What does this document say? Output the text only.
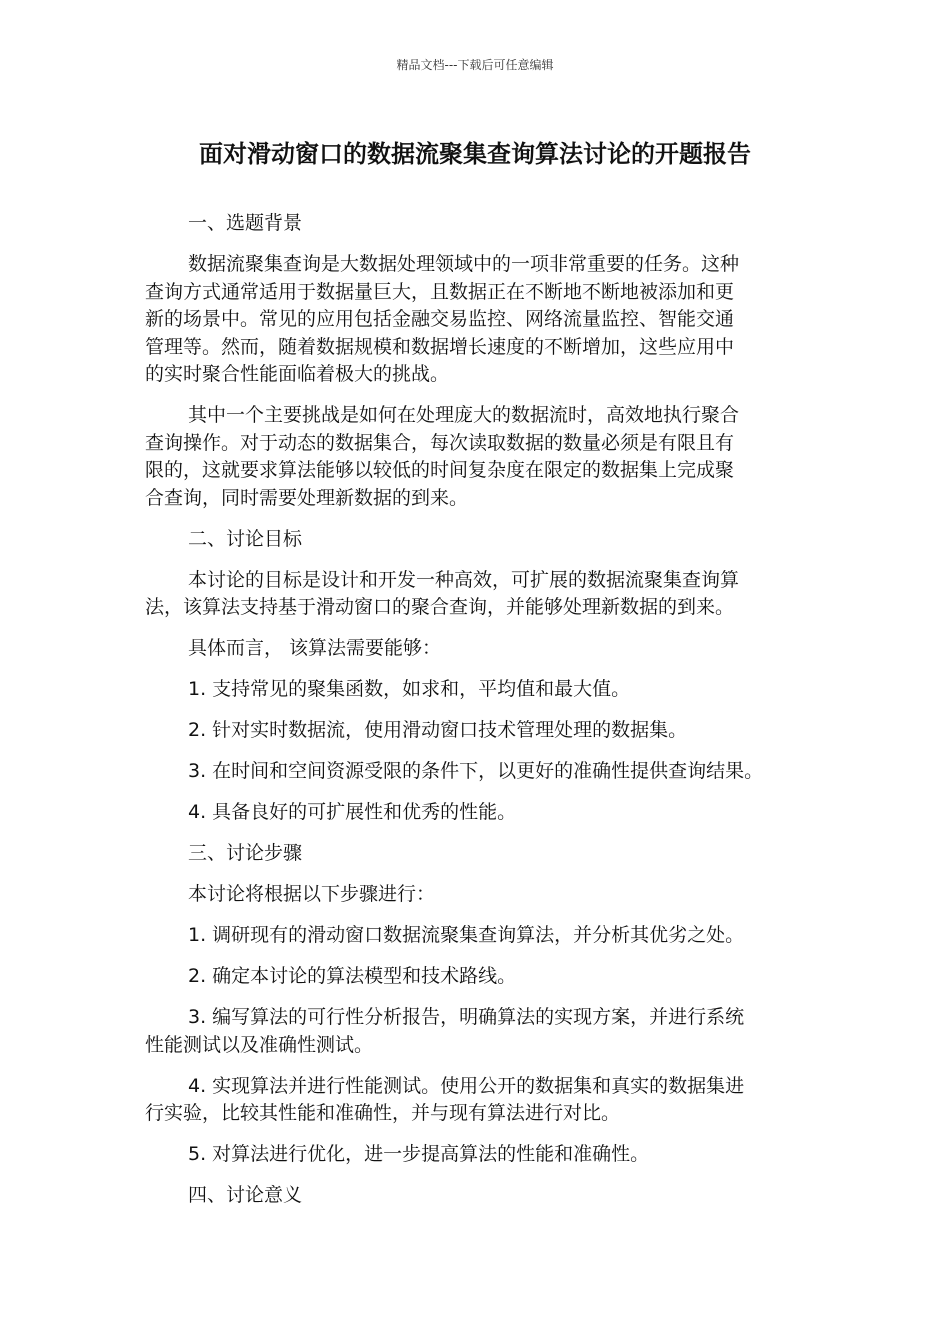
精品文档---下载后可任意编辑
面对滑动窗口的数据流聚集查询算法讨论的开题报告
一、选题背景
数据流聚集查询是大数据处理领域中的一项非常重要的任务。这种
查询方式通常适用于数据量巨大，且数据正在不断地不断地被添加和更
新的场景中。常见的应用包括金融交易监控、网络流量监控、智能交通
管理等。然而，随着数据规模和数据增长速度的不断增加，这些应用中
的实时聚合性能面临着极大的挑战。
其中一个主要挑战是如何在处理庞大的数据流时，高效地执行聚合
查询操作。对于动态的数据集合，每次读取数据的数量必须是有限且有
限的，这就要求算法能够以较低的时间复杂度在限定的数据集上完成聚
合查询，同时需要处理新数据的到来。
二、讨论目标
本讨论的目标是设计和开发一种高效，可扩展的数据流聚集查询算
法，该算法支持基于滑动窗口的聚合查询，并能够处理新数据的到来。
具体而言， 该算法需要能够：
1. 支持常见的聚集函数，如求和，平均值和最大值。
2. 针对实时数据流，使用滑动窗口技术管理处理的数据集。
3. 在时间和空间资源受限的条件下，以更好的准确性提供查询结果。
4. 具备良好的可扩展性和优秀的性能。
三、讨论步骤
本讨论将根据以下步骤进行：
1. 调研现有的滑动窗口数据流聚集查询算法，并分析其优劣之处。
2. 确定本讨论的算法模型和技术路线。
3. 编写算法的可行性分析报告，明确算法的实现方案，并进行系统
性能测试以及准确性测试。
4. 实现算法并进行性能测试。使用公开的数据集和真实的数据集进
行实验，比较其性能和准确性，并与现有算法进行对比。
5. 对算法进行优化，进一步提高算法的性能和准确性。
四、讨论意义
